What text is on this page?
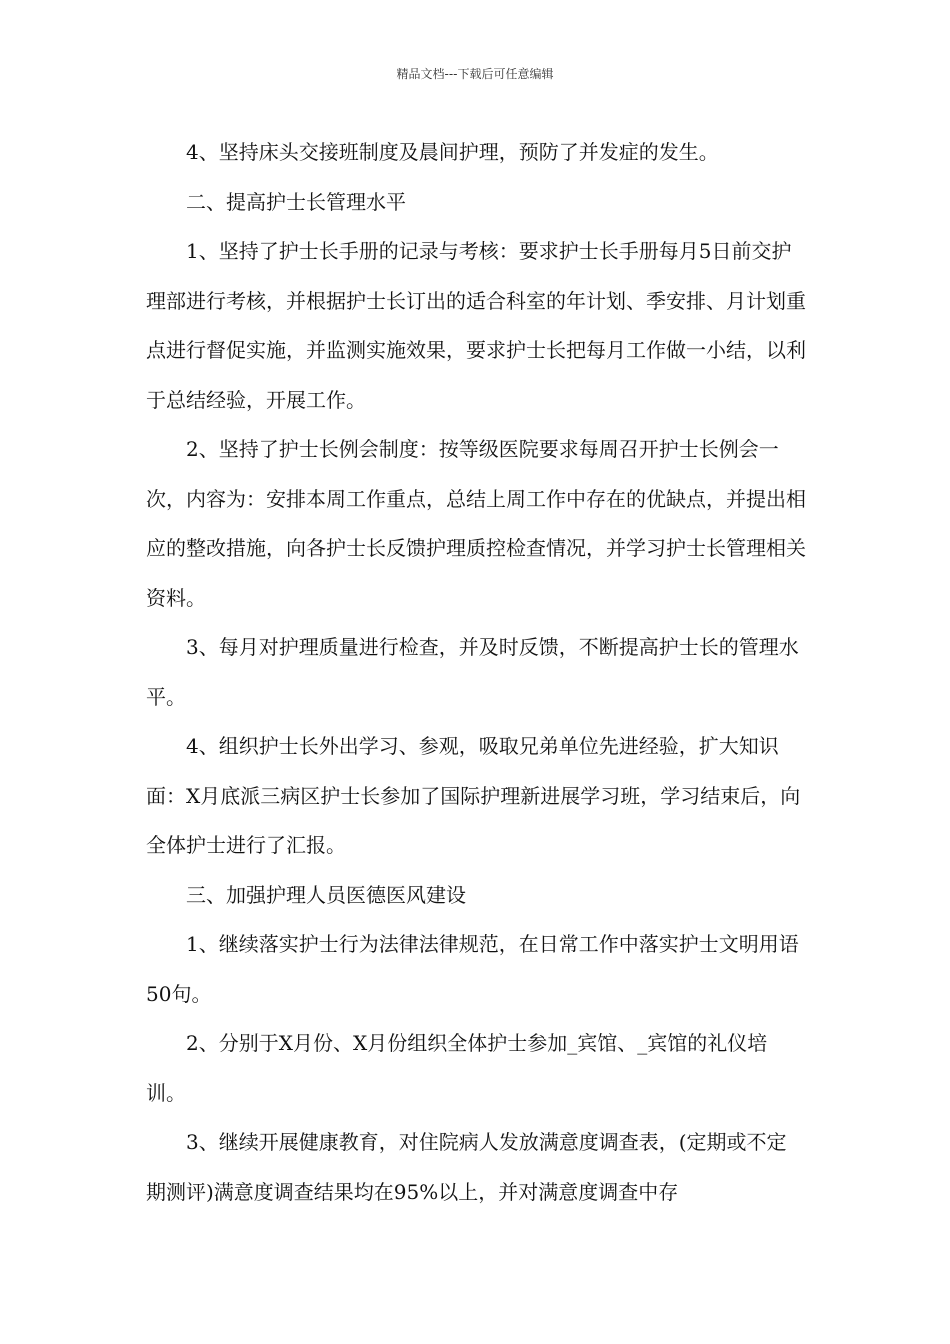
精品文档---下载后可任意编辑

4、坚持床头交接班制度及晨间护理，预防了并发症的发生。

二、提高护士长管理水平

1、坚持了护士长手册的记录与考核：要求护士长手册每月5日前交护理部进行考核，并根据护士长订出的适合科室的年计划、季安排、月计划重点进行督促实施，并监测实施效果，要求护士长把每月工作做一小结，以利于总结经验，开展工作。

2、坚持了护士长例会制度：按等级医院要求每周召开护士长例会一次，内容为：安排本周工作重点，总结上周工作中存在的优缺点，并提出相应的整改措施，向各护士长反馈护理质控检查情况，并学习护士长管理相关资料。

3、每月对护理质量进行检查，并及时反馈，不断提高护士长的管理水平。

4、组织护士长外出学习、参观，吸取兄弟单位先进经验，扩大知识面：X月底派三病区护士长参加了国际护理新进展学习班，学习结束后，向全体护士进行了汇报。

三、加强护理人员医德医风建设

1、继续落实护士行为法律法律规范，在日常工作中落实护士文明用语50句。

2、分别于X月份、X月份组织全体护士参加_宾馆、_宾馆的礼仪培训。

3、继续开展健康教育，对住院病人发放满意度调查表，(定期或不定期测评)满意度调查结果均在95%以上，并对满意度调查中存
